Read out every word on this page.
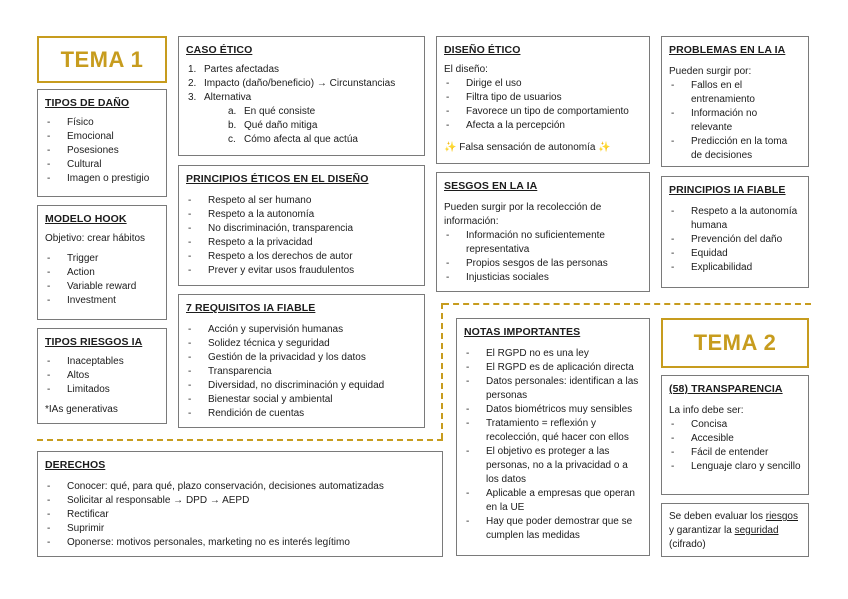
TEMA 1
TIPOS DE DAÑO
- Físico
- Emocional
- Posesiones
- Cultural
- Imagen o prestigio
MODELO HOOK

Objetivo: crear hábitos

- Trigger
- Action
- Variable reward
- Investment
TIPOS RIESGOS IA
- Inaceptables
- Altos
- Limitados

*IAs generativas

CASO ÉTICO
1. Partes afectadas
2. Impacto (daño/beneficio) → Circunstancias
3. Alternativa
a. En qué consiste
b. Qué daño mitiga
c. Cómo afecta al que actúa
PRINCIPIOS ÉTICOS EN EL DISEÑO
- Respeto al ser humano
- Respeto a la autonomía
- No discriminación, transparencia
- Respeto a la privacidad
- Respeto a los derechos de autor
- Prever y evitar usos fraudulentos
7 REQUISITOS IA FIABLE
- Acción y supervisión humanas
- Solidez técnica y seguridad
- Gestión de la privacidad y los datos
- Transparencia
- Diversidad, no discriminación y equidad
- Bienestar social y ambiental
- Rendición de cuentas
DISEÑO ÉTICO

El diseño:

- Dirige el uso
- Filtra tipo de usuarios
- Favorece un tipo de comportamiento
- Afecta a la percepción

✨ Falsa sensación de autonomía ✨

SESGOS EN LA IA

Pueden surgir por la recolección de información:

- Información no suficientemente representativa
- Propios sesgos de las personas
- Injusticias sociales
PROBLEMAS EN LA IA

Pueden surgir por:

- Fallos en el entrenamiento
- Información no relevante
- Predicción en la toma de decisiones
PRINCIPIOS IA FIABLE
- Respeto a la autonomía humana
- Prevención del daño
- Equidad
- Explicabilidad
DERECHOS
- Conocer: qué, para qué, plazo conservación, decisiones automatizadas
- Solicitar al responsable → DPD → AEPD
- Rectificar
- Suprimir
- Oponerse: motivos personales, marketing no es interés legítimo
NOTAS IMPORTANTES
- El RGPD no es una ley
- El RGPD es de aplicación directa
- Datos personales: identifican a las personas
- Datos biométricos muy sensibles
- Tratamiento = reflexión y recolección, qué hacer con ellos
- El objetivo es proteger a las personas, no a la privacidad o a los datos
- Aplicable a empresas que operan en la UE
- Hay que poder demostrar que se cumplen las medidas
TEMA 2
(58) TRANSPARENCIA

La info debe ser:

- Concisa
- Accesible
- Fácil de entender
- Lenguaje claro y sencillo

Se deben evaluar los riesgos y garantizar la seguridad (cifrado)
